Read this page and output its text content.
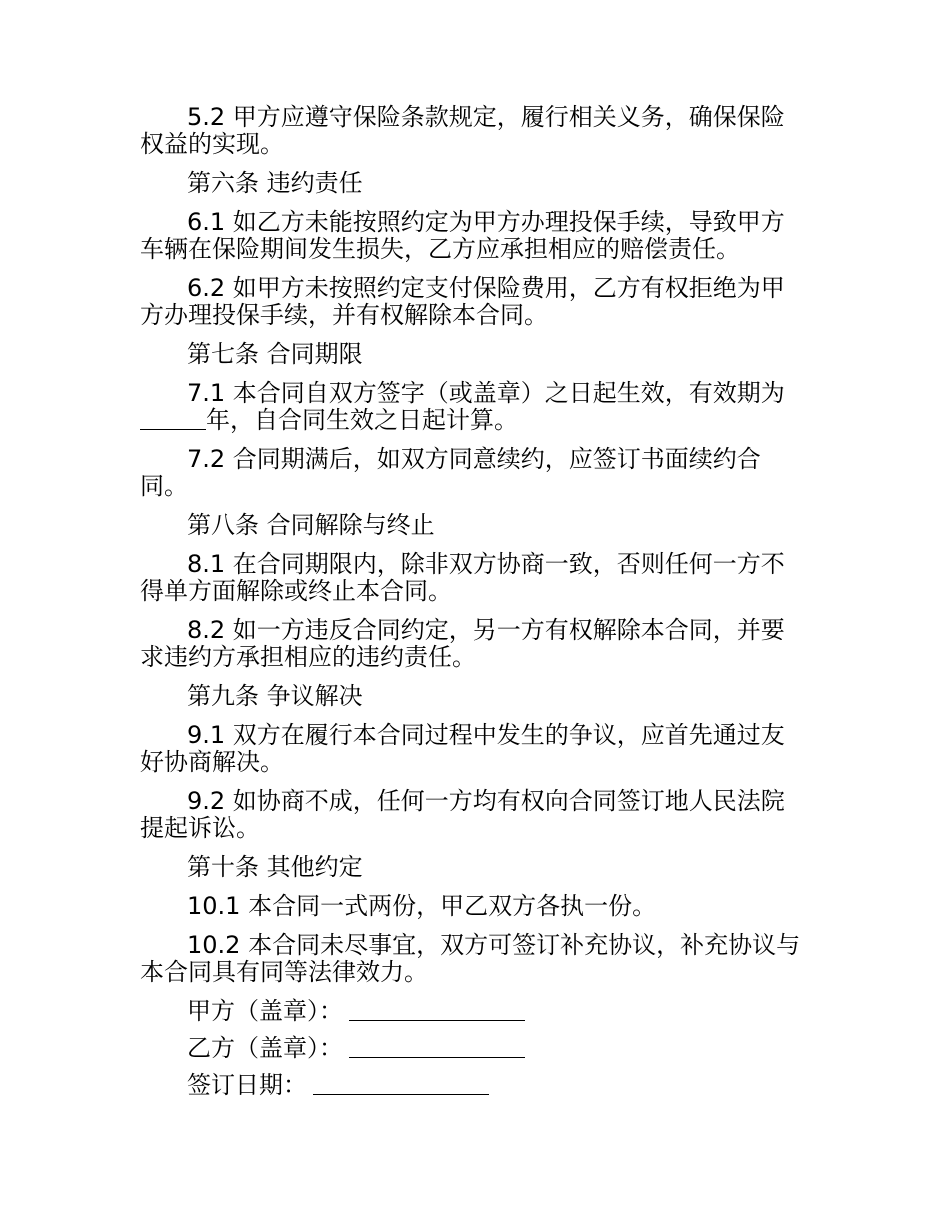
5.2 甲方应遵守保险条款规定，履行相关义务，确保保险权益的实现。

第六条 违约责任

6.1 如乙方未能按照约定为甲方办理投保手续，导致甲方车辆在保险期间发生损失，乙方应承担相应的赔偿责任。

6.2 如甲方未按照约定支付保险费用，乙方有权拒绝为甲方办理投保手续，并有权解除本合同。

第七条 合同期限

7.1 本合同自双方签字（或盖章）之日起生效，有效期为年，自合同生效之日起计算。

7.2 合同期满后，如双方同意续约，应签订书面续约合同。

第八条 合同解除与终止

8.1 在合同期限内，除非双方协商一致，否则任何一方不得单方面解除或终止本合同。

8.2 如一方违反合同约定，另一方有权解除本合同，并要求违约方承担相应的违约责任。

第九条 争议解决

9.1 双方在履行本合同过程中发生的争议，应首先通过友好协商解决。

9.2 如协商不成，任何一方均有权向合同签订地人民法院提起诉讼。

第十条 其他约定

10.1 本合同一式两份，甲乙双方各执一份。

10.2 本合同未尽事宜，双方可签订补充协议，补充协议与本合同具有同等法律效力。

甲方（盖章）：

乙方（盖章）：

签订日期：
